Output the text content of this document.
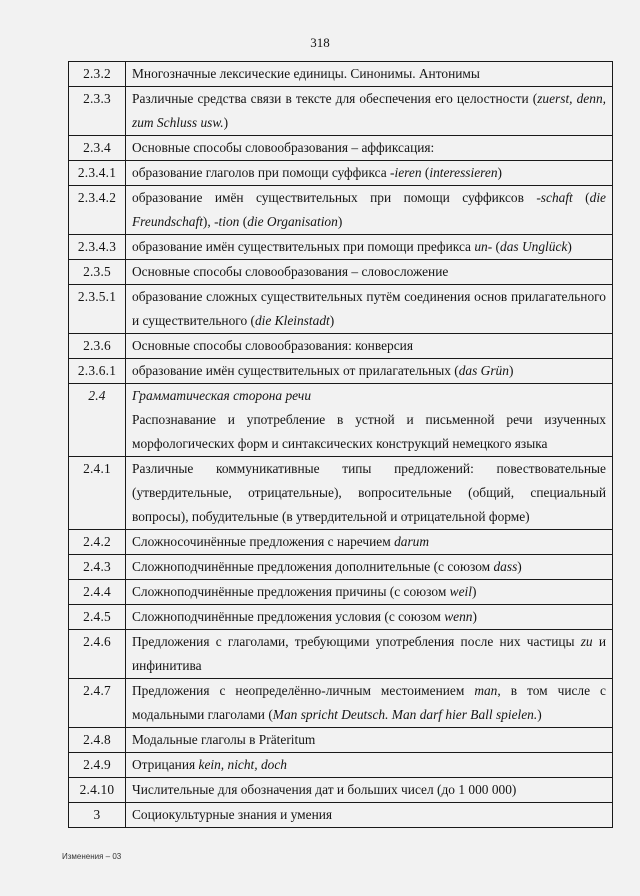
318
2.3.2	Многозначные лексические единицы. Синонимы. Антонимы
2.3.3	Различные средства связи в тексте для обеспечения его целостности (zuerst, denn, zum Schluss usw.)
2.3.4	Основные способы словообразования – аффиксация:
2.3.4.1	образование глаголов при помощи суффикса -ieren (interessieren)
2.3.4.2	образование имён существительных при помощи суффиксов -schaft (die Freundschaft), -tion (die Organisation)
2.3.4.3	образование имён существительных при помощи префикса un- (das Unglück)
2.3.5	Основные способы словообразования – словосложение
2.3.5.1	образование сложных существительных путём соединения основ прилагательного и существительного (die Kleinstadt)
2.3.6	Основные способы словообразования: конверсия
2.3.6.1	образование имён существительных от прилагательных (das Grün)
2.4	Грамматическая сторона речи
Распознавание и употребление в устной и письменной речи изученных морфологических форм и синтаксических конструкций немецкого языка
2.4.1	Различные коммуникативные типы предложений: повествовательные (утвердительные, отрицательные), вопросительные (общий, специальный вопросы), побудительные (в утвердительной и отрицательной форме)
2.4.2	Сложносочинённые предложения с наречием darum
2.4.3	Сложноподчинённые предложения дополнительные (с союзом dass)
2.4.4	Сложноподчинённые предложения причины (с союзом weil)
2.4.5	Сложноподчинённые предложения условия (с союзом wenn)
2.4.6	Предложения с глаголами, требующими употребления после них частицы zu и инфинитива
2.4.7	Предложения с неопределённо-личным местоимением man, в том числе с модальными глаголами (Man spricht Deutsch. Man darf hier Ball spielen.)
2.4.8	Модальные глаголы в Präteritum
2.4.9	Отрицания kein, nicht, doch
2.4.10	Числительные для обозначения дат и больших чисел (до 1 000 000)
3	Социокультурные знания и умения
Изменения – 03
